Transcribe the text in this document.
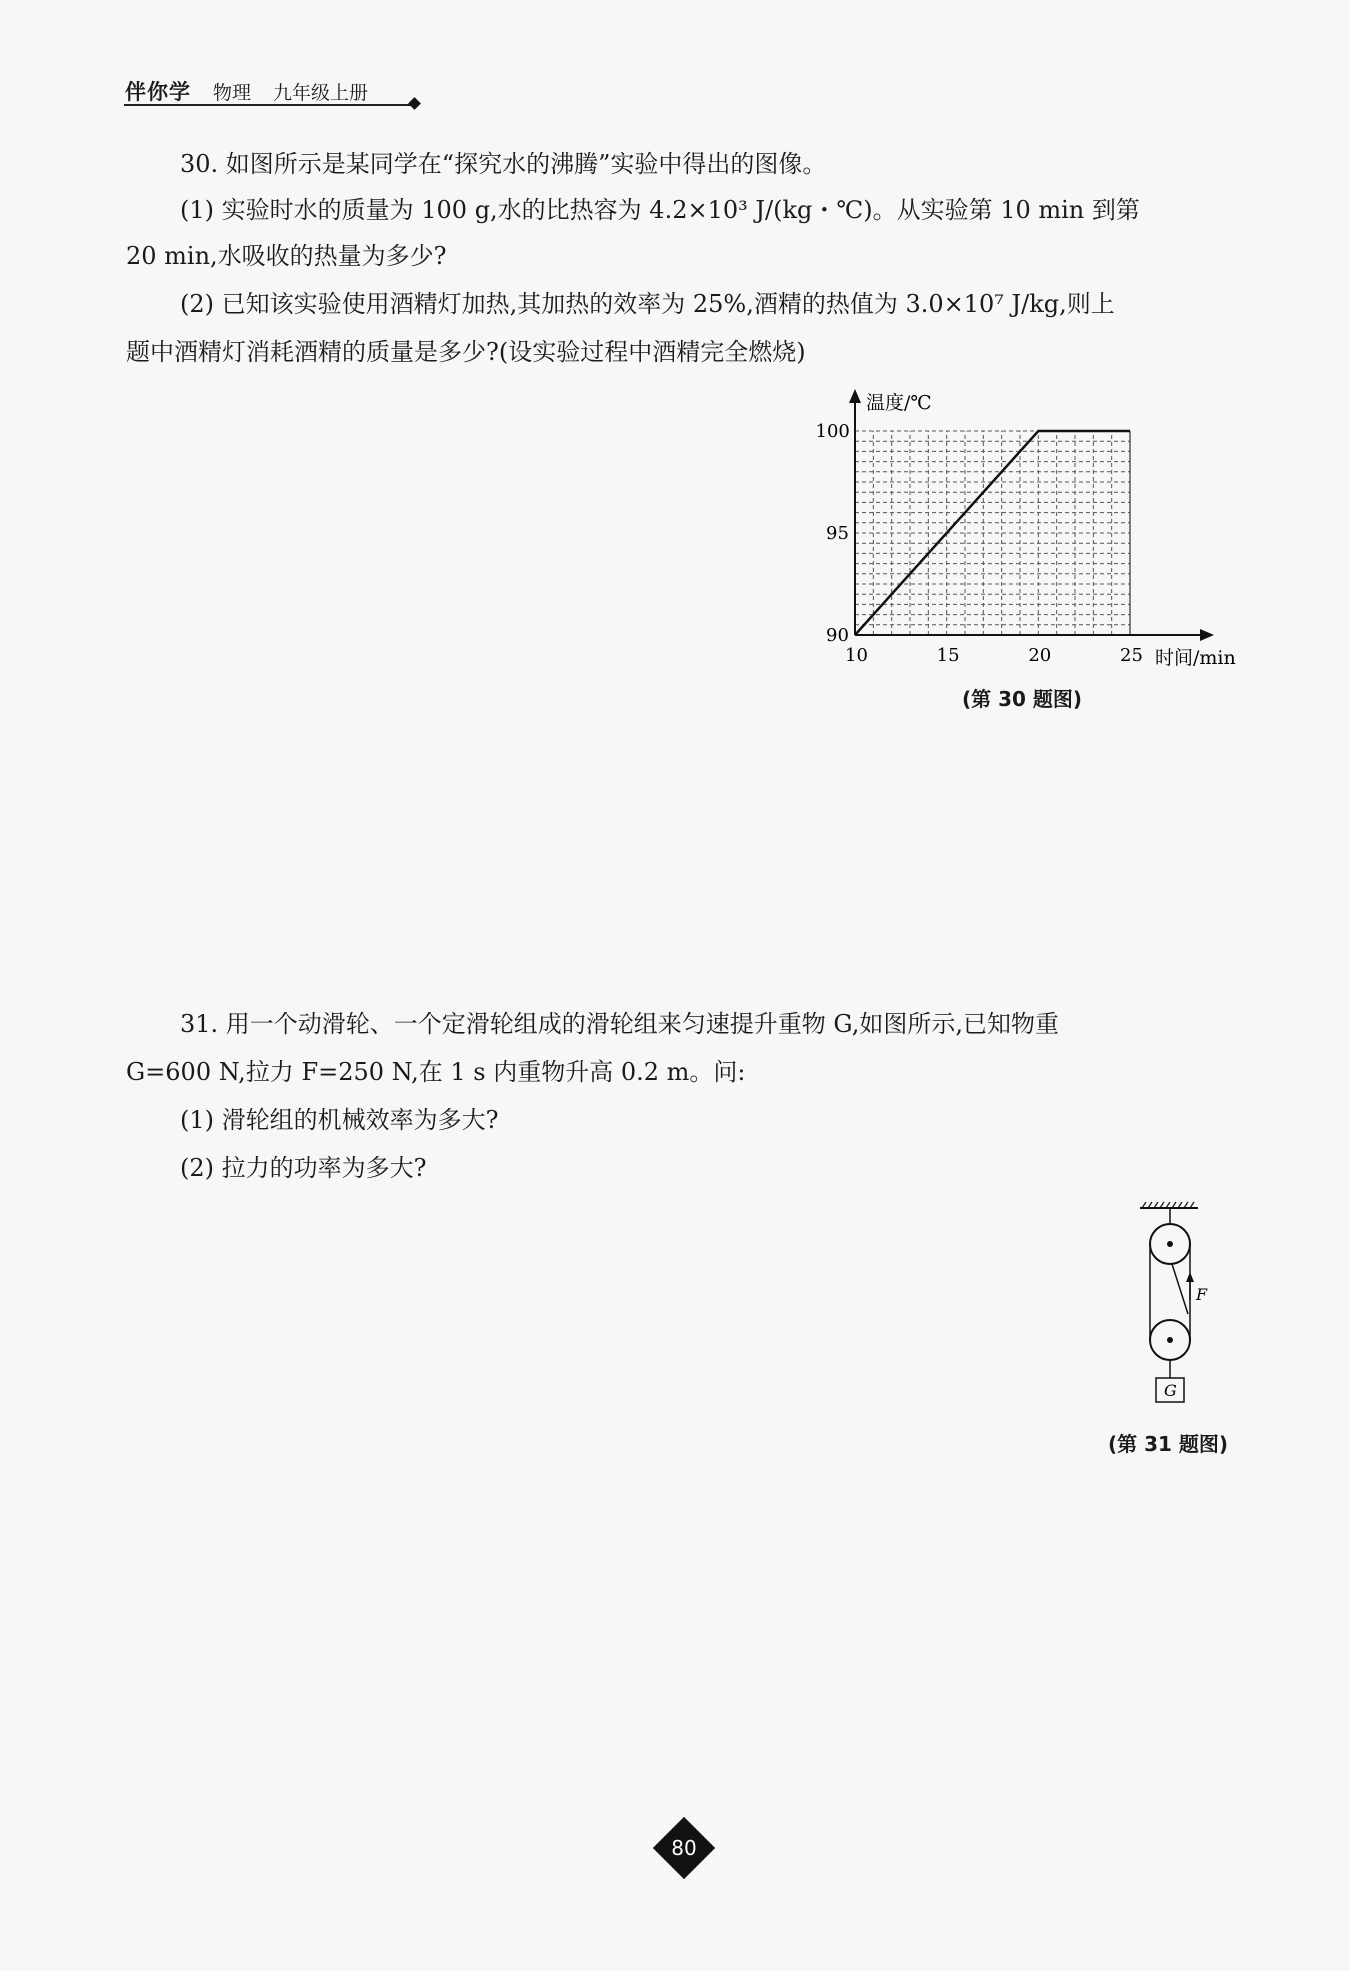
伴你学 物理 九年级上册
30. 如图所示是某同学在“探究水的沸腾”实验中得出的图像。
(1) 实验时水的质量为 100 g,水的比热容为 4.2×10³ J/(kg・℃)。从实验第 10 min 到第
20 min,水吸收的热量为多少?
(2) 已知该实验使用酒精灯加热,其加热的效率为 25%,酒精的热值为 3.0×10⁷ J/kg,则上
题中酒精灯消耗酒精的质量是多少?(设实验过程中酒精完全燃烧)
10	15	20	25
90
95
100
温度/℃
时间/min
(第 30 题图)
31. 用一个动滑轮、一个定滑轮组成的滑轮组来匀速提升重物 G,如图所示,已知物重
G=600 N,拉力 F=250 N,在 1 s 内重物升高 0.2 m。问:
(1) 滑轮组的机械效率为多大?
(2) 拉力的功率为多大?
F
G
(第 31 题图)
80
